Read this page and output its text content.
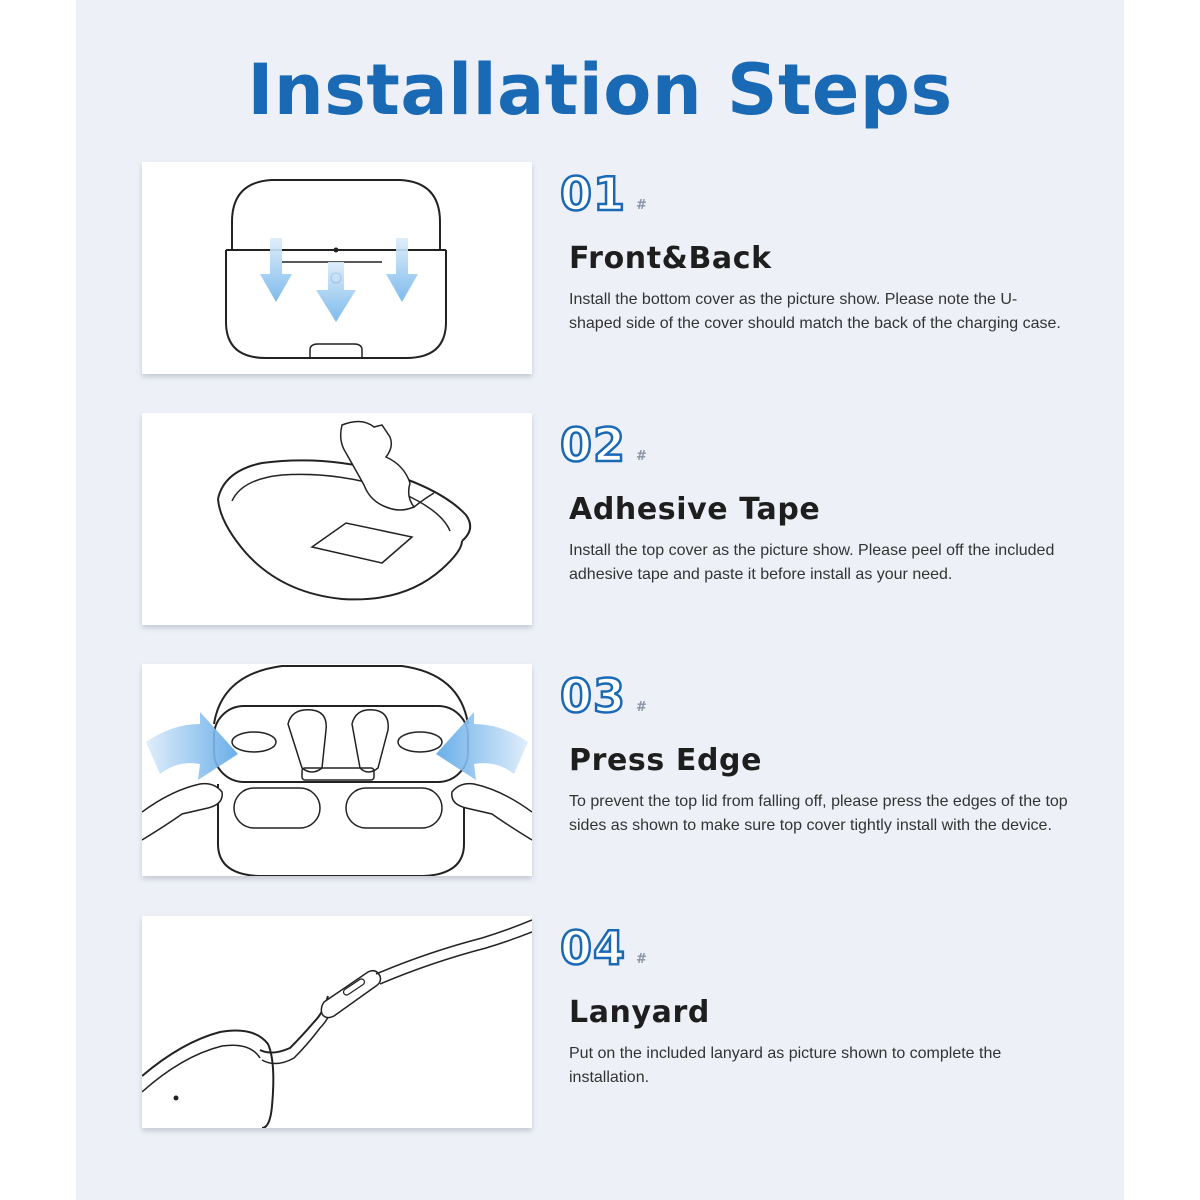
Installation Steps
01 #
Front&Back
Install the bottom cover as the picture show. Please note the U-shaped side of the cover should match the back of the charging case.
02 #
Adhesive Tape
Install the top cover as the picture show. Please peel off the included adhesive tape and paste it before install as your need.
03 #
Press Edge
To prevent the top lid from falling off, please press the edges of the top sides as shown to make sure top cover tightly install with the device.
04 #
Lanyard
Put on the included lanyard as picture shown to complete the installation.
